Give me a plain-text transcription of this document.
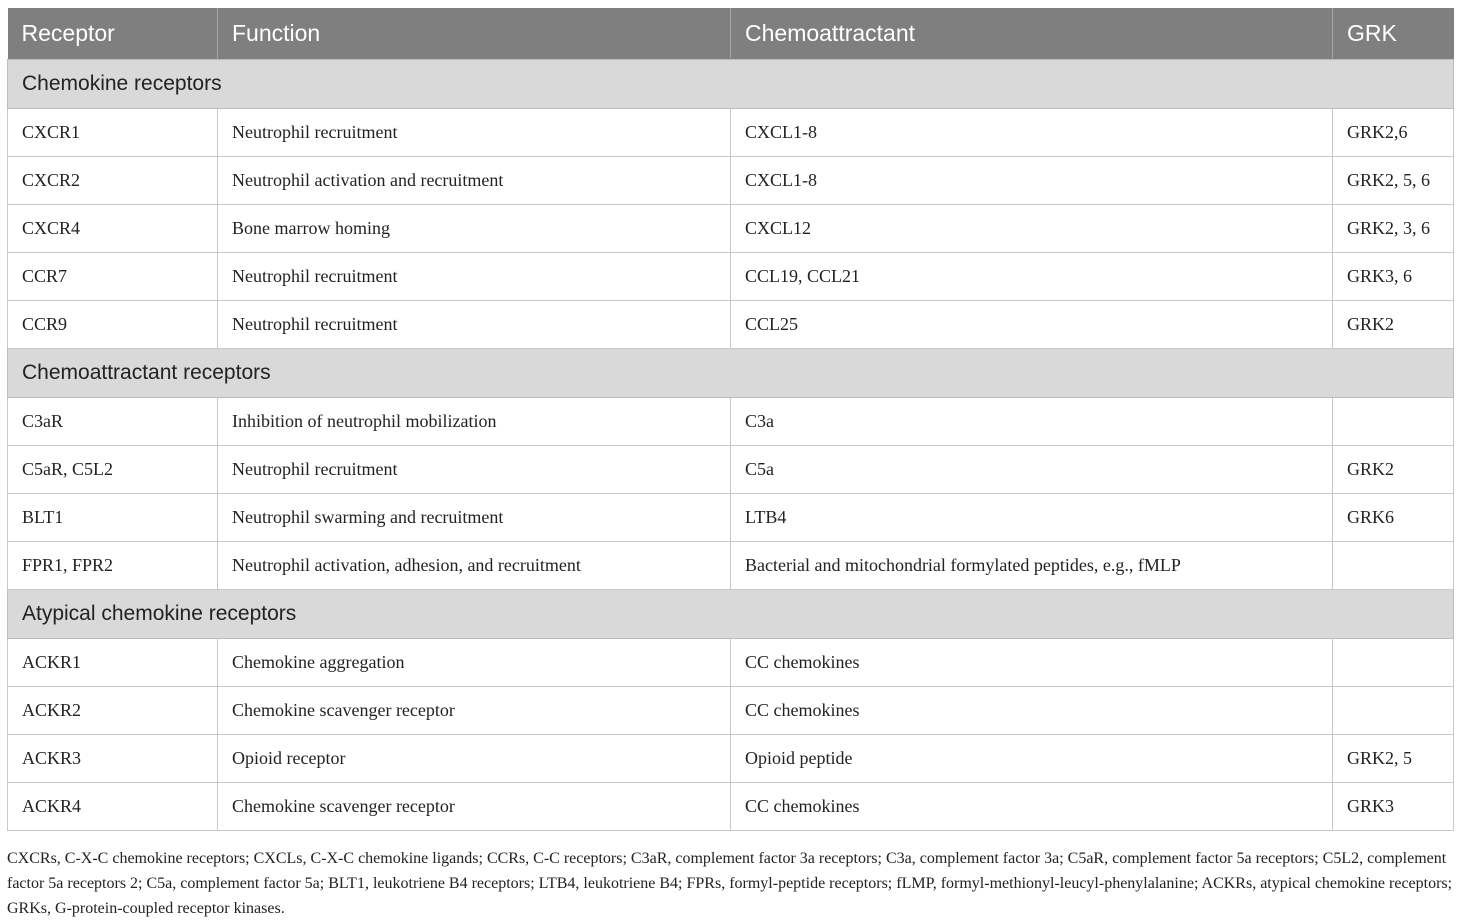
Receptor	Function	Chemoattractant	GRK
Chemokine receptors			
CXCR1	Neutrophil recruitment	CXCL1-8	GRK2,6
CXCR2	Neutrophil activation and recruitment	CXCL1-8	GRK2, 5, 6
CXCR4	Bone marrow homing	CXCL12	GRK2, 3, 6
CCR7	Neutrophil recruitment	CCL19, CCL21	GRK3, 6
CCR9	Neutrophil recruitment	CCL25	GRK2
Chemoattractant receptors			
C3aR	Inhibition of neutrophil mobilization	C3a	
C5aR, C5L2	Neutrophil recruitment	C5a	GRK2
BLT1	Neutrophil swarming and recruitment	LTB4	GRK6
FPR1, FPR2	Neutrophil activation, adhesion, and recruitment	Bacterial and mitochondrial formylated peptides, e.g., fMLP	
Atypical chemokine receptors			
ACKR1	Chemokine aggregation	CC chemokines	
ACKR2	Chemokine scavenger receptor	CC chemokines	
ACKR3	Opioid receptor	Opioid peptide	GRK2, 5
ACKR4	Chemokine scavenger receptor	CC chemokines	GRK3
CXCRs, C-X-C chemokine receptors; CXCLs, C-X-C chemokine ligands; CCRs, C-C receptors; C3aR, complement factor 3a receptors; C3a, complement factor 3a; C5aR, complement factor 5a receptors; C5L2, complement factor 5a receptors 2; C5a, complement factor 5a; BLT1, leukotriene B4 receptors; LTB4, leukotriene B4; FPRs, formyl-peptide receptors; fLMP, formyl-methionyl-leucyl-phenylalanine; ACKRs, atypical chemokine receptors; GRKs, G-protein-coupled receptor kinases.
